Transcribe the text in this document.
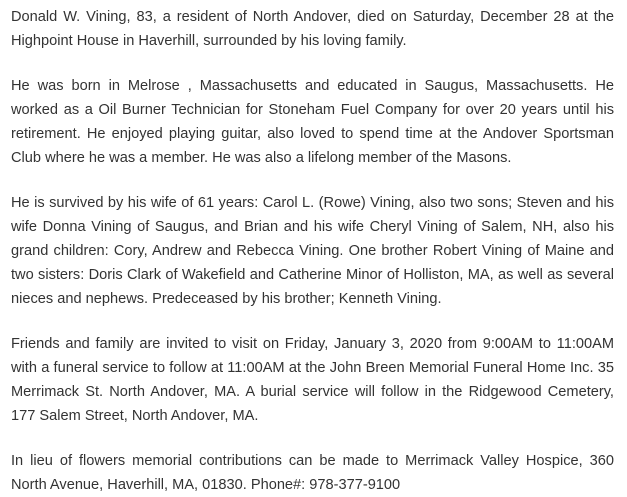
Donald W. Vining, 83, a resident of North Andover, died on Saturday, December 28 at the Highpoint House in Haverhill, surrounded by his loving family.

He was born in Melrose , Massachusetts and educated in Saugus, Massachusetts. He worked as a Oil Burner Technician for Stoneham Fuel Company for over 20 years until his retirement. He enjoyed playing guitar, also loved to spend time at the Andover Sportsman Club where he was a member. He was also a lifelong member of the Masons.

He is survived by his wife of 61 years: Carol L. (Rowe) Vining, also two sons; Steven and his wife Donna Vining of Saugus, and Brian and his wife Cheryl Vining of Salem, NH, also his grand children: Cory, Andrew and Rebecca Vining. One brother Robert Vining of Maine and two sisters: Doris Clark of Wakefield and Catherine Minor of Holliston, MA, as well as several nieces and nephews. Predeceased by his brother; Kenneth Vining.

Friends and family are invited to visit on Friday, January 3, 2020 from 9:00AM to 11:00AM with a funeral service to follow at 11:00AM at the John Breen Memorial Funeral Home Inc. 35 Merrimack St. North Andover, MA. A burial service will follow in the Ridgewood Cemetery, 177 Salem Street, North Andover, MA.

In lieu of flowers memorial contributions can be made to Merrimack Valley Hospice, 360 North Avenue, Haverhill, MA, 01830. Phone#: 978-377-9100
